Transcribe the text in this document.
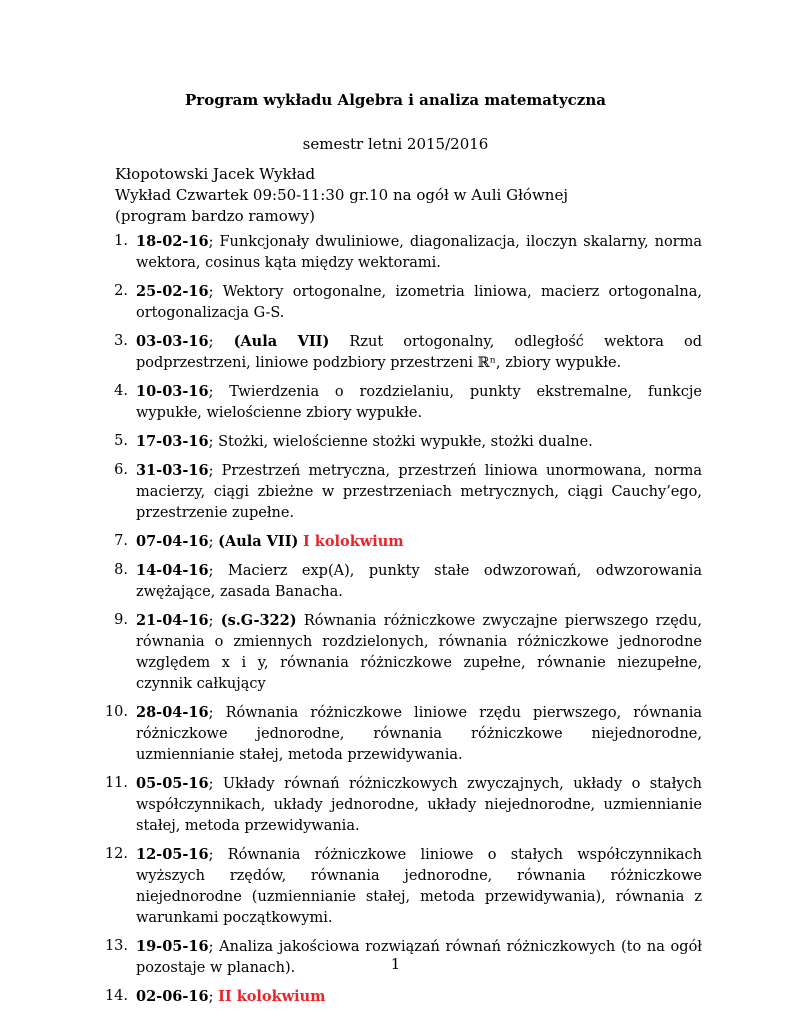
Program wykładu Algebra i analiza matematyczna
semestr letni 2015/2016
Kłopotowski Jacek Wykład
Wykład Czwartek 09:50-11:30 gr.10 na ogół w Auli Głównej
(program bardzo ramowy)
1. 18-02-16; Funkcjonały dwuliniowe, diagonalizacja, iloczyn skalarny, norma wektora, cosinus kąta między wektorami.
2. 25-02-16; Wektory ortogonalne, izometria liniowa, macierz ortogonalna, ortogonalizacja G-S.
3. 03-03-16; (Aula VII) Rzut ortogonalny, odległość wektora od podprzestrzeni, liniowe podzbiory przestrzeni ℝⁿ, zbiory wypukłe.
4. 10-03-16; Twierdzenia o rozdzielaniu, punkty ekstremalne, funkcje wypukłe, wielościenne zbiory wypukłe.
5. 17-03-16; Stożki, wielościenne stożki wypukłe, stożki dualne.
6. 31-03-16; Przestrzeń metryczna, przestrzeń liniowa unormowana, norma macierzy, ciągi zbieżne w przestrzeniach metrycznych, ciągi Cauchy’ego, przestrzenie zupełne.
7. 07-04-16; (Aula VII) I kolokwium
8. 14-04-16; Macierz exp(A), punkty stałe odwzorowań, odwzorowania zwężające, zasada Banacha.
9. 21-04-16; (s.G-322) Równania różniczkowe zwyczajne pierwszego rzędu, równania o zmiennych rozdzielonych, równania różniczkowe jednorodne względem x i y, równania różniczkowe zupełne, równanie niezupełne, czynnik całkujący
10. 28-04-16; Równania różniczkowe liniowe rzędu pierwszego, równania różniczkowe jednorodne, równania różniczkowe niejednorodne, uzmiennianie stałej, metoda przewidywania.
11. 05-05-16; Układy równań różniczkowych zwyczajnych, układy o stałych współczynnikach, układy jednorodne, układy niejednorodne, uzmiennianie stałej, metoda przewidywania.
12. 12-05-16; Równania różniczkowe liniowe o stałych współczynnikach wyższych rzędów, równania jednorodne, równania różniczkowe niejednorodne (uzmiennianie stałej, metoda przewidywania), równania z warunkami początkowymi.
13. 19-05-16; Analiza jakościowa rozwiązań równań różniczkowych (to na ogół pozostaje w planach).
14. 02-06-16; II kolokwium
1
